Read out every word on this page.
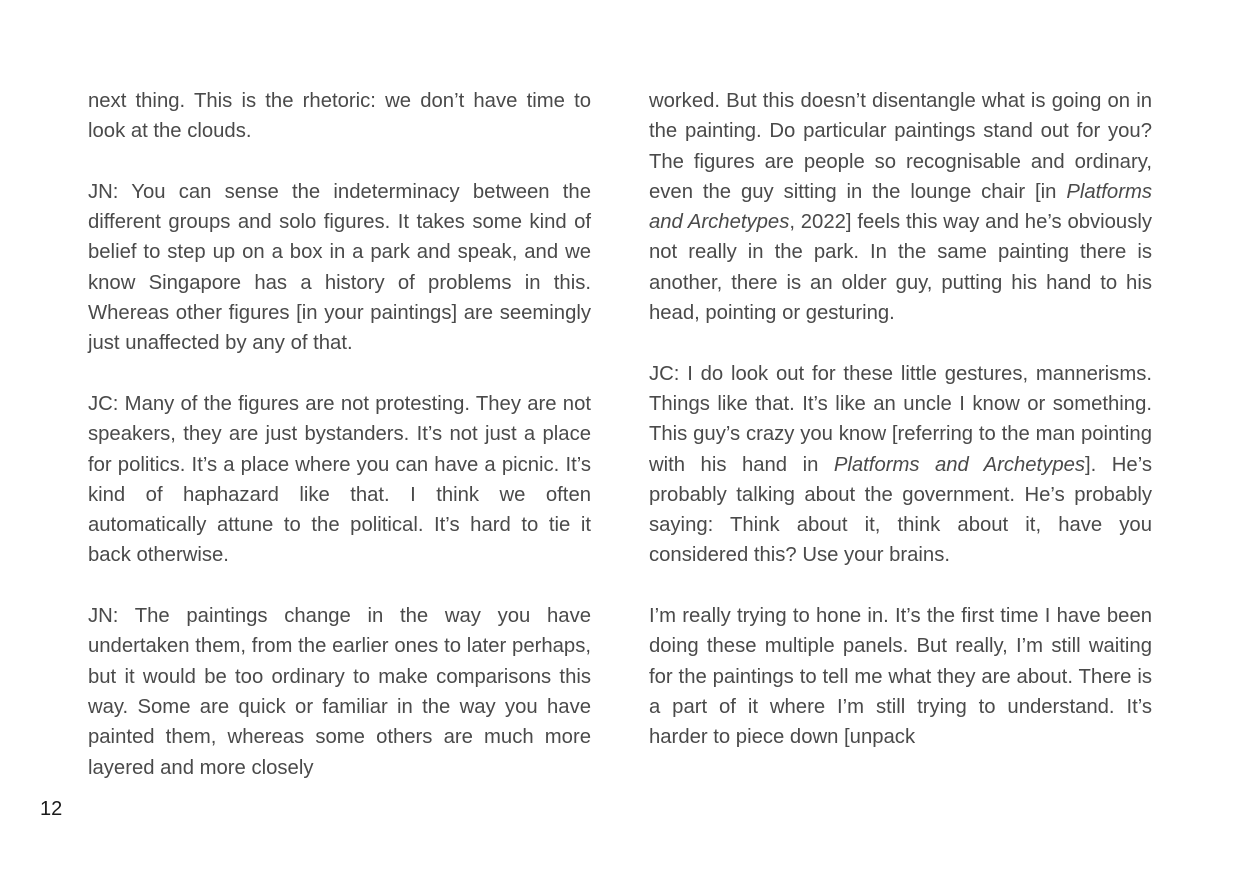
next thing. This is the rhetoric: we don’t have time to look at the clouds.

JN: You can sense the indeterminacy between the different groups and solo figures. It takes some kind of belief to step up on a box in a park and speak, and we know Singapore has a history of problems in this. Whereas other figures [in your paintings] are seemingly just unaffected by any of that.

JC: Many of the figures are not protesting. They are not speakers, they are just bystanders. It’s not just a place for politics. It’s a place where you can have a picnic. It’s kind of haphazard like that. I think we often automatically attune to the political. It’s hard to tie it back otherwise.

JN: The paintings change in the way you have undertaken them, from the earlier ones to later perhaps, but it would be too ordinary to make comparisons this way. Some are quick or familiar in the way you have painted them, whereas some others are much more layered and more closely

worked. But this doesn’t disentangle what is going on in the painting. Do particular paintings stand out for you? The figures are people so recognisable and ordinary, even the guy sitting in the lounge chair [in Platforms and Archetypes, 2022] feels this way and he’s obviously not really in the park. In the same painting there is another, there is an older guy, putting his hand to his head, pointing or gesturing.

JC: I do look out for these little gestures, mannerisms. Things like that. It’s like an uncle I know or something. This guy’s crazy you know [referring to the man pointing with his hand in Platforms and Archetypes]. He’s probably talking about the government. He’s probably saying: Think about it, think about it, have you considered this? Use your brains.

I’m really trying to hone in. It’s the first time I have been doing these multiple panels. But really, I’m still waiting for the paintings to tell me what they are about. There is a part of it where I’m still trying to understand. It’s harder to piece down [unpack

12
